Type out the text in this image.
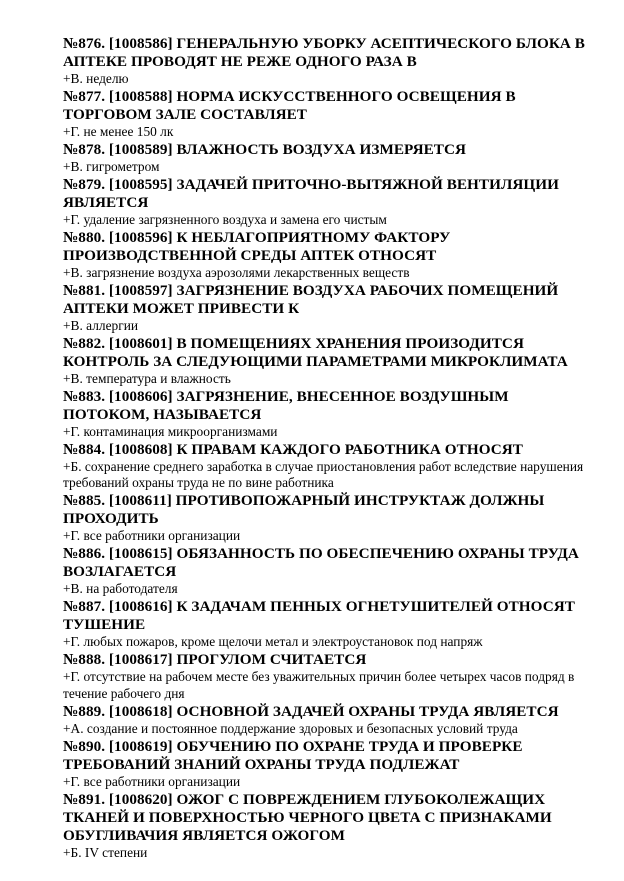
№876. [1008586] ГЕНЕРАЛЬНУЮ УБОРКУ АСЕПТИЧЕСКОГО БЛОКА В АПТЕКЕ ПРОВОДЯТ НЕ РЕЖЕ ОДНОГО РАЗА В
+В. неделю
№877. [1008588] НОРМА ИСКУССТВЕННОГО ОСВЕЩЕНИЯ В ТОРГОВОМ ЗАЛЕ СОСТАВЛЯЕТ
+Г. не менее 150 лк
№878. [1008589] ВЛАЖНОСТЬ ВОЗДУХА ИЗМЕРЯЕТСЯ
+В. гигрометром
№879. [1008595] ЗАДАЧЕЙ ПРИТОЧНО-ВЫТЯЖНОЙ ВЕНТИЛЯЦИИ ЯВЛЯЕТСЯ
+Г. удаление загрязненного воздуха и замена его чистым
№880. [1008596] К НЕБЛАГОПРИЯТНОМУ ФАКТОРУ ПРОИЗВОДСТВЕННОЙ СРЕДЫ АПТЕК ОТНОСЯТ
+В. загрязнение воздуха аэрозолями лекарственных веществ
№881. [1008597] ЗАГРЯЗНЕНИЕ ВОЗДУХА РАБОЧИХ ПОМЕЩЕНИЙ АПТЕКИ МОЖЕТ ПРИВЕСТИ К
+В. аллергии
№882. [1008601] В ПОМЕЩЕНИЯХ ХРАНЕНИЯ ПРОИЗОДИТСЯ КОНТРОЛЬ ЗА СЛЕДУЮЩИМИ ПАРАМЕТРАМИ МИКРОКЛИМАТА
+В. температура и влажность
№883. [1008606] ЗАГРЯЗНЕНИЕ, ВНЕСЕННОЕ ВОЗДУШНЫМ ПОТОКОМ, НАЗЫВАЕТСЯ
+Г. контаминация микроорганизмами
№884. [1008608] К ПРАВАМ КАЖДОГО РАБОТНИКА ОТНОСЯТ
+Б. сохранение среднего заработка в случае приостановления работ вследствие нарушения требований охраны труда не по вине работника
№885. [1008611] ПРОТИВОПОЖАРНЫЙ ИНСТРУКТАЖ ДОЛЖНЫ ПРОХОДИТЬ
+Г. все работники организации
№886. [1008615] ОБЯЗАННОСТЬ ПО ОБЕСПЕЧЕНИЮ ОХРАНЫ ТРУДА ВОЗЛАГАЕТСЯ
+В. на работодателя
№887. [1008616] К ЗАДАЧАМ ПЕННЫХ ОГНЕТУШИТЕЛЕЙ ОТНОСЯТ ТУШЕНИЕ
+Г. любых пожаров, кроме щелочи метал и электроустановок под напряж
№888. [1008617] ПРОГУЛОМ СЧИТАЕТСЯ
+Г. отсутствие на рабочем месте без уважительных причин более четырех часов подряд в течение рабочего дня
№889. [1008618] ОСНОВНОЙ ЗАДАЧЕЙ ОХРАНЫ ТРУДА ЯВЛЯЕТСЯ
+А. создание и постоянное поддержание здоровых и безопасных условий труда
№890. [1008619] ОБУЧЕНИЮ ПО ОХРАНЕ ТРУДА И ПРОВЕРКЕ ТРЕБОВАНИЙ ЗНАНИЙ ОХРАНЫ ТРУДА ПОДЛЕЖАТ
+Г. все работники организации
№891. [1008620] ОЖОГ С ПОВРЕЖДЕНИЕМ ГЛУБОКОЛЕЖАЩИХ ТКАНЕЙ И ПОВЕРХНОСТЬЮ ЧЕРНОГО ЦВЕТА С ПРИЗНАКАМИ ОБУГЛИВАЧИЯ ЯВЛЯЕТСЯ ОЖОГОМ
+Б. IV степени
